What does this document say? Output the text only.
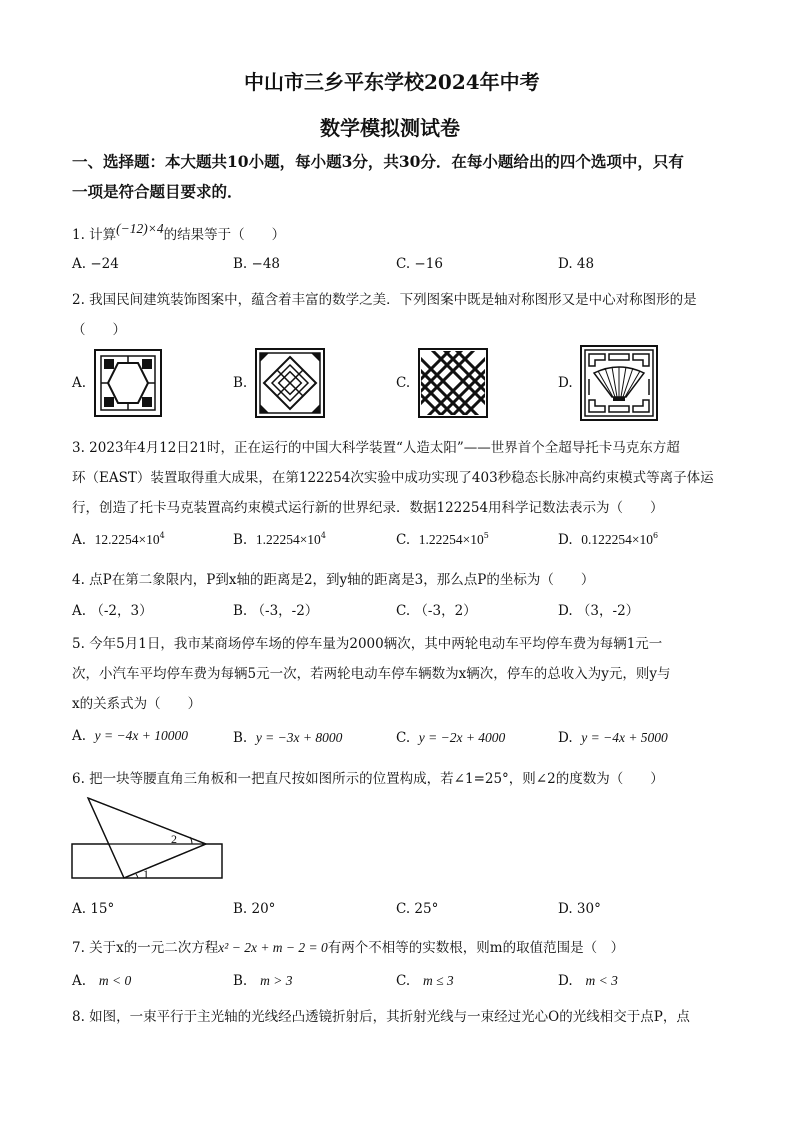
中山市三乡平东学校2024年中考
数学模拟测试卷
一、选择题：本大题共10小题，每小题3分，共30分．在每小题给出的四个选项中，只有
一项是符合题目要求的．
1. 计算(−12)×4的结果等于（　　）
A. −24	B. −48	C. −16	D. 48
2. 我国民间建筑装饰图案中，蕴含着丰富的数学之美．下列图案中既是轴对称图形又是中心对称图形的是
（　　）
A.	B.	C.	D.
3. 2023年4月12日21时，正在运行的中国大科学装置“人造太阳”——世界首个全超导托卡马克东方超
环（EAST）装置取得重大成果，在第122254次实验中成功实现了403秒稳态长脉冲高约束模式等离子体运
行，创造了托卡马克装置高约束模式运行新的世界纪录．数据122254用科学记数法表示为（　　）
A. $12.2254\times 10^4$	B. $1.22254\times 10^4$	C. $1.22254\times 10^5$	D. $0.122254\times 10^6$
4. 点P在第二象限内，P到x轴的距离是2，到y轴的距离是3，那么点P的坐标为（　　）
A. （-2，3）	B. （-3，-2）	C. （-3，2）	D. （3，-2）
5. 今年5月1日，我市某商场停车场的停车量为2000辆次，其中两轮电动车平均停车费为每辆1元一
次，小汽车平均停车费为每辆5元一次，若两轮电动车停车辆数为x辆次，停车的总收入为y元，则y与
x的关系式为（　　）
A. y = −4x + 10000	B. y = −3x + 8000	C. y = −2x + 4000	D. y = −4x + 5000
6. 把一块等腰直角三角板和一把直尺按如图所示的位置构成，若∠1=25°，则∠2的度数为（　　）
2
1
A. 15°	B. 20°	C. 25°	D. 30°
7. 关于x的一元二次方程x² − 2x + m − 2 = 0有两个不相等的实数根，则m的取值范围是（　）
A. m < 0	B. m > 3	C. m ≤ 3	D. m < 3
8. 如图，一束平行于主光轴的光线经凸透镜折射后，其折射光线与一束经过光心O的光线相交于点P，点
